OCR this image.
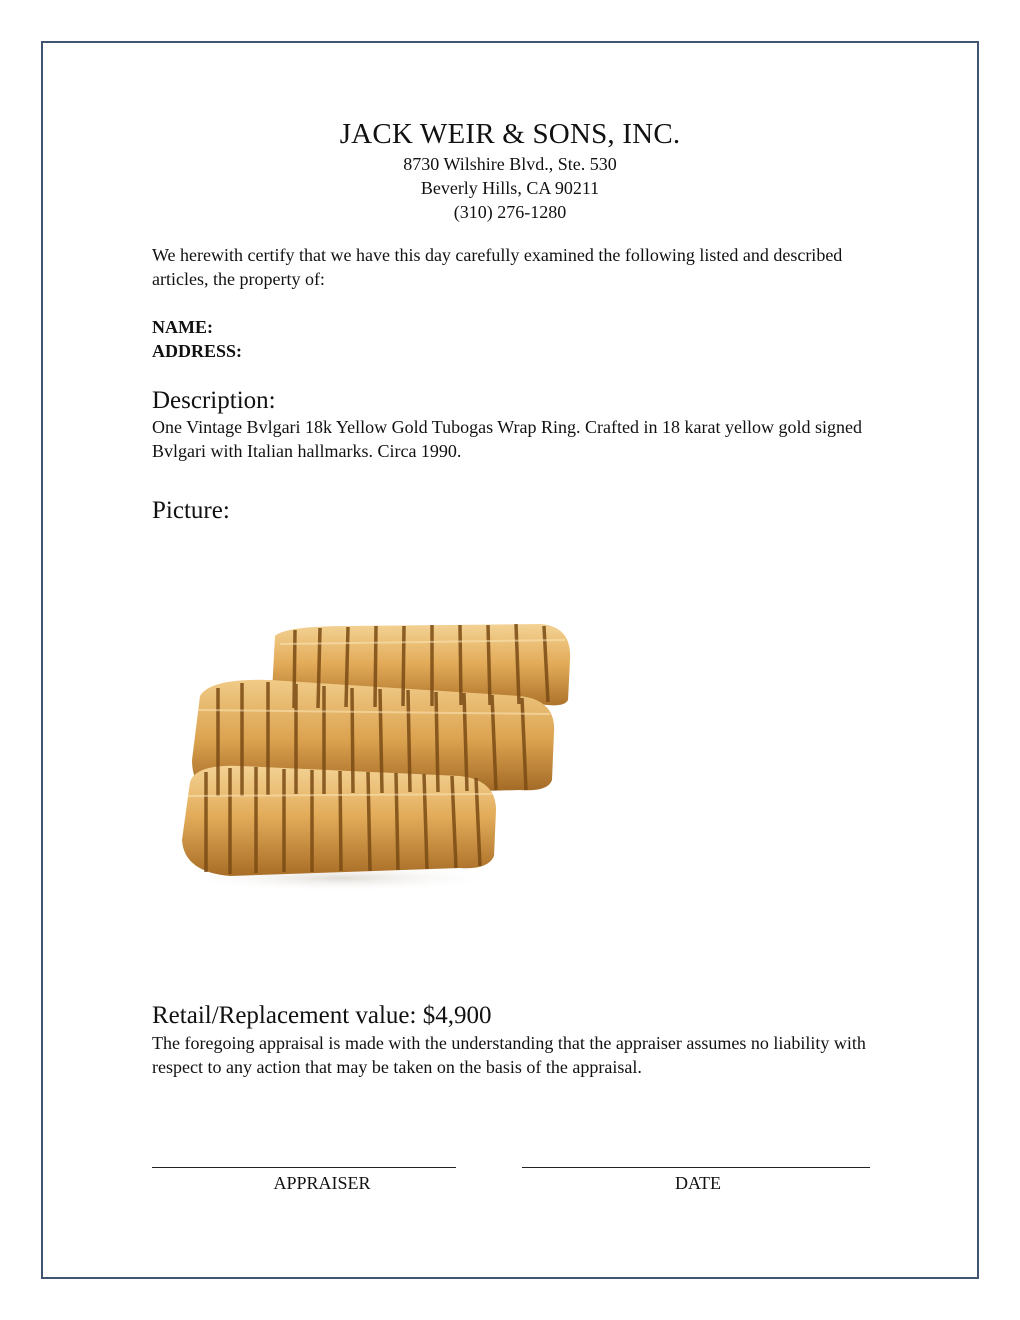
JACK WEIR & SONS, INC.
8730 Wilshire Blvd., Ste. 530
Beverly Hills, CA 90211
(310) 276-1280
We herewith certify that we have this day carefully examined the following listed and described articles, the property of:
NAME:
ADDRESS:
Description:
One Vintage Bvlgari 18k Yellow Gold Tubogas Wrap Ring. Crafted in 18 karat yellow gold signed Bvlgari with Italian hallmarks. Circa 1990.
Picture:
Retail/Replacement value: $4,900
The foregoing appraisal is made with the understanding that the appraiser assumes no liability with respect to any action that may be taken on the basis of the appraisal.
APPRAISER	DATE
